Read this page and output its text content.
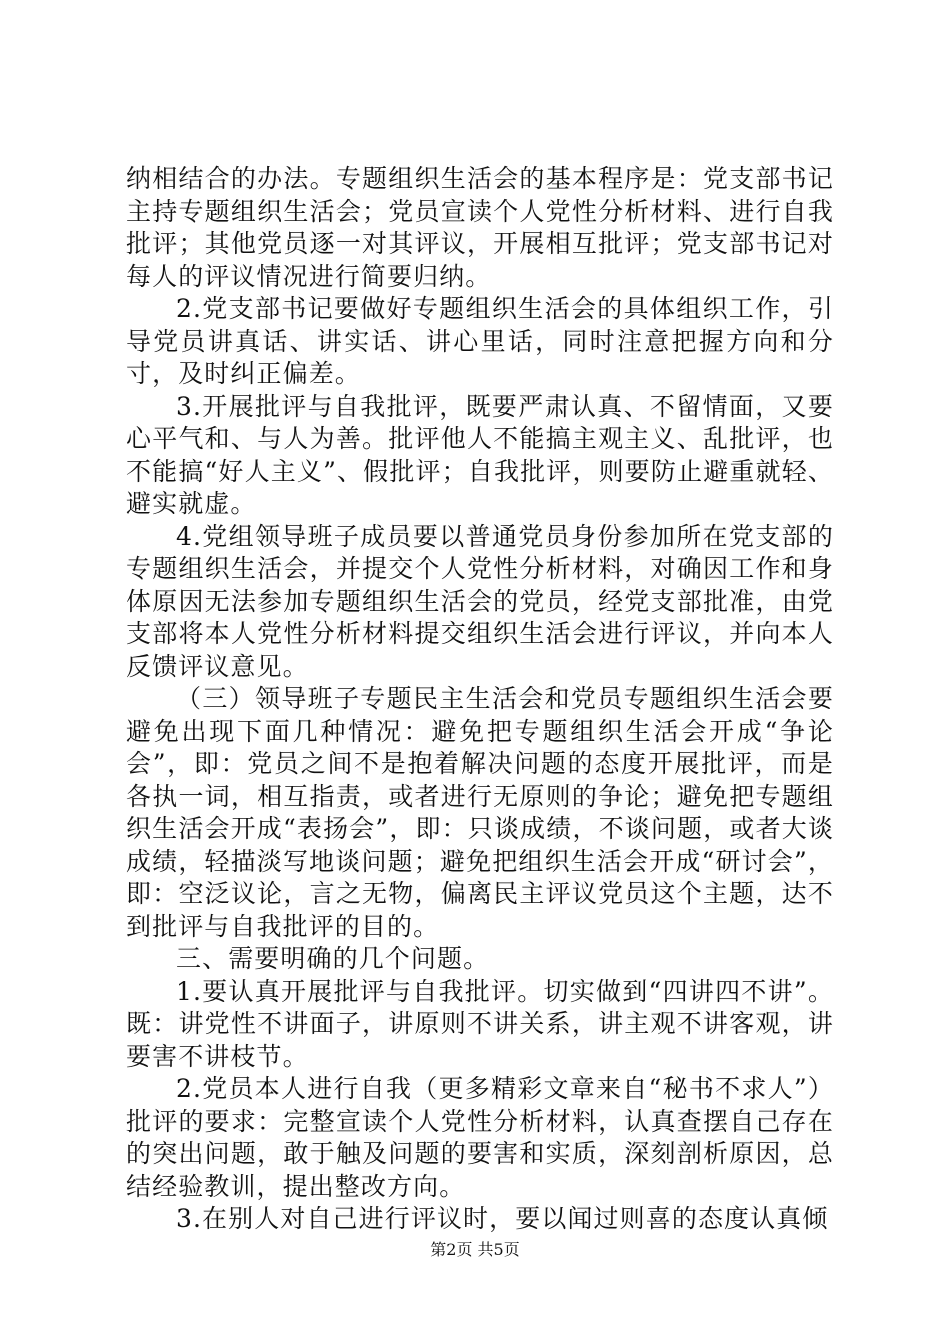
纳相结合的办法。专题组织生活会的基本程序是：党支部书记主持专题组织生活会；党员宣读个人党性分析材料、进行自我批评；其他党员逐一对其评议，开展相互批评；党支部书记对每人的评议情况进行简要归纳。

2.党支部书记要做好专题组织生活会的具体组织工作，引导党员讲真话、讲实话、讲心里话，同时注意把握方向和分寸，及时纠正偏差。

3.开展批评与自我批评，既要严肃认真、不留情面，又要心平气和、与人为善。批评他人不能搞主观主义、乱批评，也不能搞“好人主义”、假批评；自我批评，则要防止避重就轻、避实就虚。

4.党组领导班子成员要以普通党员身份参加所在党支部的专题组织生活会，并提交个人党性分析材料，对确因工作和身体原因无法参加专题组织生活会的党员，经党支部批准，由党支部将本人党性分析材料提交组织生活会进行评议，并向本人反馈评议意见。

（三）领导班子专题民主生活会和党员专题组织生活会要避免出现下面几种情况：避免把专题组织生活会开成“争论会”，即：党员之间不是抱着解决问题的态度开展批评，而是各执一词，相互指责，或者进行无原则的争论；避免把专题组织生活会开成“表扬会”，即：只谈成绩，不谈问题，或者大谈成绩，轻描淡写地谈问题；避免把组织生活会开成“研讨会”，即：空泛议论，言之无物，偏离民主评议党员这个主题，达不到批评与自我批评的目的。

三、需要明确的几个问题。

1.要认真开展批评与自我批评。切实做到“四讲四不讲”。既：讲党性不讲面子，讲原则不讲关系，讲主观不讲客观，讲要害不讲枝节。

2.党员本人进行自我（更多精彩文章来自“秘书不求人”）批评的要求：完整宣读个人党性分析材料，认真查摆自己存在的突出问题，敢于触及问题的要害和实质，深刻剖析原因，总结经验教训，提出整改方向。

3.在别人对自己进行评议时，要以闻过则喜的态度认真倾

第2页 共5页
